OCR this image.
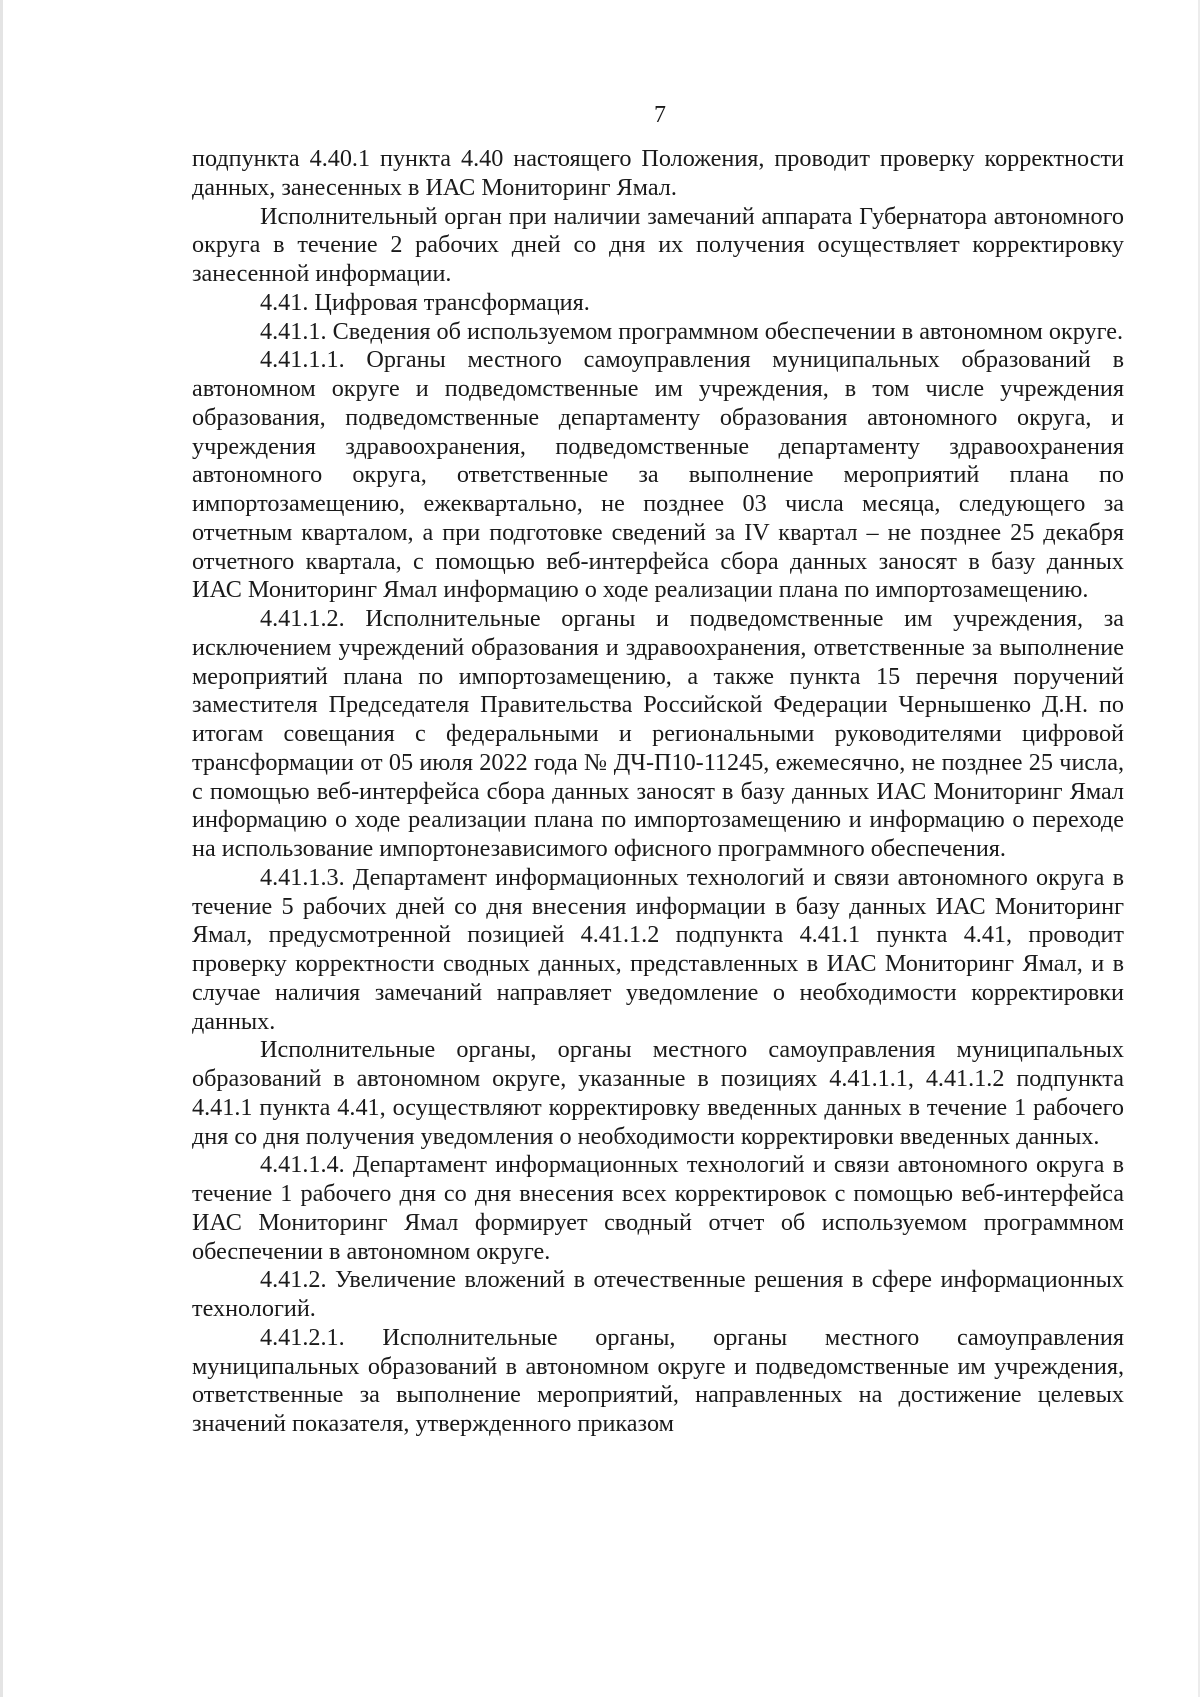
7

подпункта 4.40.1 пункта 4.40 настоящего Положения, проводит проверку корректности данных, занесенных в ИАС Мониторинг Ямал.

Исполнительный орган при наличии замечаний аппарата Губернатора автономного округа в течение 2 рабочих дней со дня их получения осуществляет корректировку занесенной информации.

4.41. Цифровая трансформация.

4.41.1. Сведения об используемом программном обеспечении в автономном округе.

4.41.1.1. Органы местного самоуправления муниципальных образований в автономном округе и подведомственные им учреждения, в том числе учреждения образования, подведомственные департаменту образования автономного округа, и учреждения здравоохранения, подведомственные департаменту здравоохранения автономного округа, ответственные за выполнение мероприятий плана по импортозамещению, ежеквартально, не позднее 03 числа месяца, следующего за отчетным кварталом, а при подготовке сведений за IV квартал – не позднее 25 декабря отчетного квартала, с помощью веб-интерфейса сбора данных заносят в базу данных ИАС Мониторинг Ямал информацию о ходе реализации плана по импортозамещению.

4.41.1.2. Исполнительные органы и подведомственные им учреждения, за исключением учреждений образования и здравоохранения, ответственные за выполнение мероприятий плана по импортозамещению, а также пункта 15 перечня поручений заместителя Председателя Правительства Российской Федерации Чернышенко Д.Н. по итогам совещания с федеральными и региональными руководителями цифровой трансформации от 05 июля 2022 года № ДЧ-П10-11245, ежемесячно, не позднее 25 числа, с помощью веб-интерфейса сбора данных заносят в базу данных ИАС Мониторинг Ямал информацию о ходе реализации плана по импортозамещению и информацию о переходе на использование импортонезависимого офисного программного обеспечения.

4.41.1.3. Департамент информационных технологий и связи автономного округа в течение 5 рабочих дней со дня внесения информации в базу данных ИАС Мониторинг Ямал, предусмотренной позицией 4.41.1.2 подпункта 4.41.1 пункта 4.41, проводит проверку корректности сводных данных, представленных в ИАС Мониторинг Ямал, и в случае наличия замечаний направляет уведомление о необходимости корректировки данных.

Исполнительные органы, органы местного самоуправления муниципальных образований в автономном округе, указанные в позициях 4.41.1.1, 4.41.1.2 подпункта 4.41.1 пункта 4.41, осуществляют корректировку введенных данных в течение 1 рабочего дня со дня получения уведомления о необходимости корректировки введенных данных.

4.41.1.4. Департамент информационных технологий и связи автономного округа в течение 1 рабочего дня со дня внесения всех корректировок с помощью веб-интерфейса ИАС Мониторинг Ямал формирует сводный отчет об используемом программном обеспечении в автономном округе.

4.41.2. Увеличение вложений в отечественные решения в сфере информационных технологий.

4.41.2.1. Исполнительные органы, органы местного самоуправления муниципальных образований в автономном округе и подведомственные им учреждения, ответственные за выполнение мероприятий, направленных на достижение целевых значений показателя, утвержденного приказом
